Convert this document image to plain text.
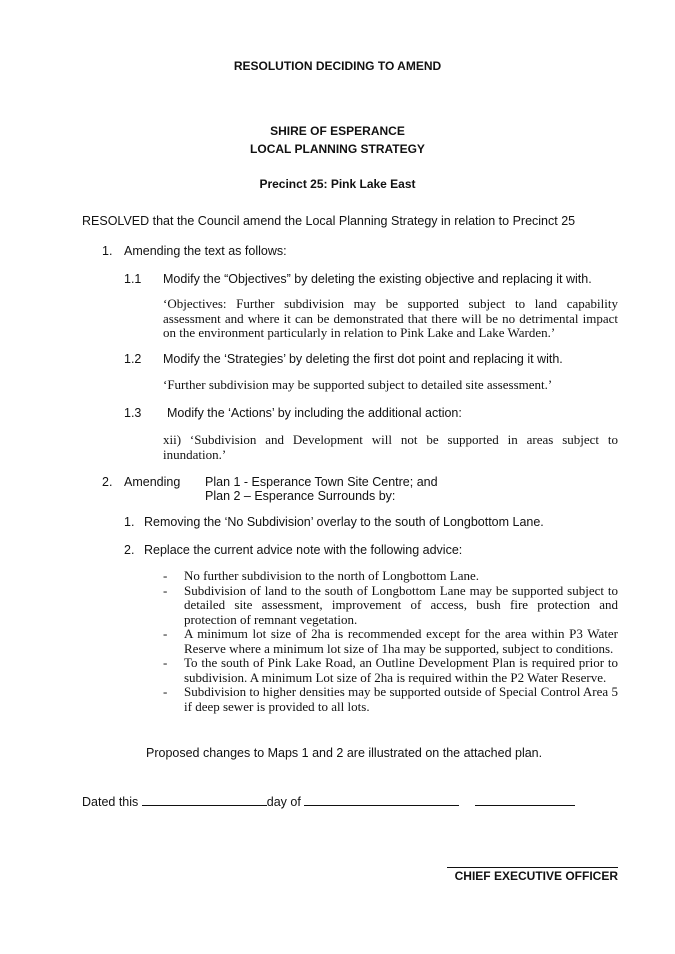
RESOLUTION DECIDING TO AMEND
SHIRE OF ESPERANCE
LOCAL PLANNING STRATEGY
Precinct 25: Pink Lake East
RESOLVED that the Council amend the Local Planning Strategy in relation to Precinct 25
1. Amending the text as follows:
1.1 Modify the “Objectives” by deleting the existing objective and replacing it with.
‘Objectives: Further subdivision may be supported subject to land capability assessment and where it can be demonstrated that there will be no detrimental impact on the environment particularly in relation to Pink Lake and Lake Warden.’
1.2 Modify the ‘Strategies’ by deleting the first dot point and replacing it with.
‘Further subdivision may be supported subject to detailed site assessment.’
1.3 Modify the ‘Actions’ by including the additional action:
xii) ‘Subdivision and Development will not be supported in areas subject to inundation.’
2. Amending Plan 1 - Esperance Town Site Centre; and
Plan 2 – Esperance Surrounds by:
1. Removing the ‘No Subdivision’ overlay to the south of Longbottom Lane.
2. Replace the current advice note with the following advice:
- No further subdivision to the north of Longbottom Lane.
- Subdivision of land to the south of Longbottom Lane may be supported subject to detailed site assessment, improvement of access, bush fire protection and protection of remnant vegetation.
- A minimum lot size of 2ha is recommended except for the area within P3 Water Reserve where a minimum lot size of 1ha may be supported, subject to conditions.
- To the south of Pink Lake Road, an Outline Development Plan is required prior to subdivision. A minimum Lot size of 2ha is required within the P2 Water Reserve.
- Subdivision to higher densities may be supported outside of Special Control Area 5 if deep sewer is provided to all lots.
Proposed changes to Maps 1 and 2 are illustrated on the attached plan.
Dated this	day of
CHIEF EXECUTIVE OFFICER
